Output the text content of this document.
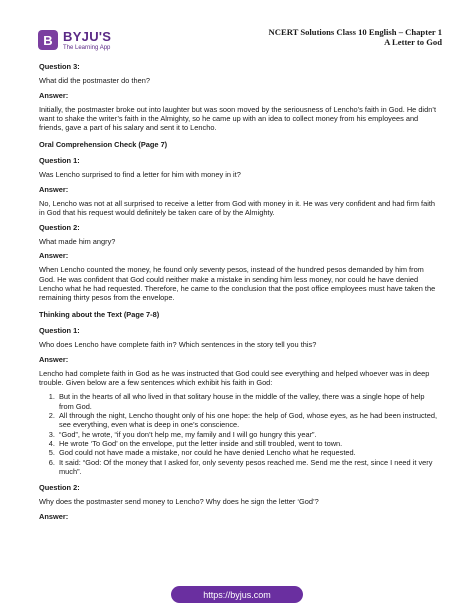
B BYJU'S
The Learning App
NCERT Solutions Class 10 English – Chapter 1
A Letter to God

Question 3:

What did the postmaster do then?

Answer:

Initially, the postmaster broke out into laughter but was soon moved by the seriousness of Lencho’s faith in God. He didn’t want to shake the writer’s faith in the Almighty, so he came up with an idea to collect money from his employees and friends, gave a part of his salary and sent it to Lencho.

Oral Comprehension Check (Page 7)

Question 1:

Was Lencho surprised to find a letter for him with money in it?

Answer:

No, Lencho was not at all surprised to receive a letter from God with money in it. He was very confident and had firm faith in God that his request would definitely be taken care of by the Almighty.

Question 2:

What made him angry?

Answer:

When Lencho counted the money, he found only seventy pesos, instead of the hundred pesos demanded by him from God. He was confident that God could neither make a mistake in sending him less money, nor could he have denied Lencho what he had requested. Therefore, he came to the conclusion that the post office employees must have taken the remaining thirty pesos from the envelope.

Thinking about the Text (Page 7-8)

Question 1:

Who does Lencho have complete faith in? Which sentences in the story tell you this?

Answer:

Lencho had complete faith in God as he was instructed that God could see everything and helped whoever was in deep trouble. Given below are a few sentences which exhibit his faith in God:

1. But in the hearts of all who lived in that solitary house in the middle of the valley, there was a single hope of help from God.
2. All through the night, Lencho thought only of his one hope: the help of God, whose eyes, as he had been instructed, see everything, even what is deep in one’s conscience.
3. “God”, he wrote, “if you don’t help me, my family and I will go hungry this year”.
4. He wrote ‘To God’ on the envelope, put the letter inside and still troubled, went to town.
5. God could not have made a mistake, nor could he have denied Lencho what he requested.
6. It said: “God: Of the money that I asked for, only seventy pesos reached me. Send me the rest, since I need it very much”.

Question 2:

Why does the postmaster send money to Lencho? Why does he sign the letter ‘God’?

Answer:

https://byjus.com
